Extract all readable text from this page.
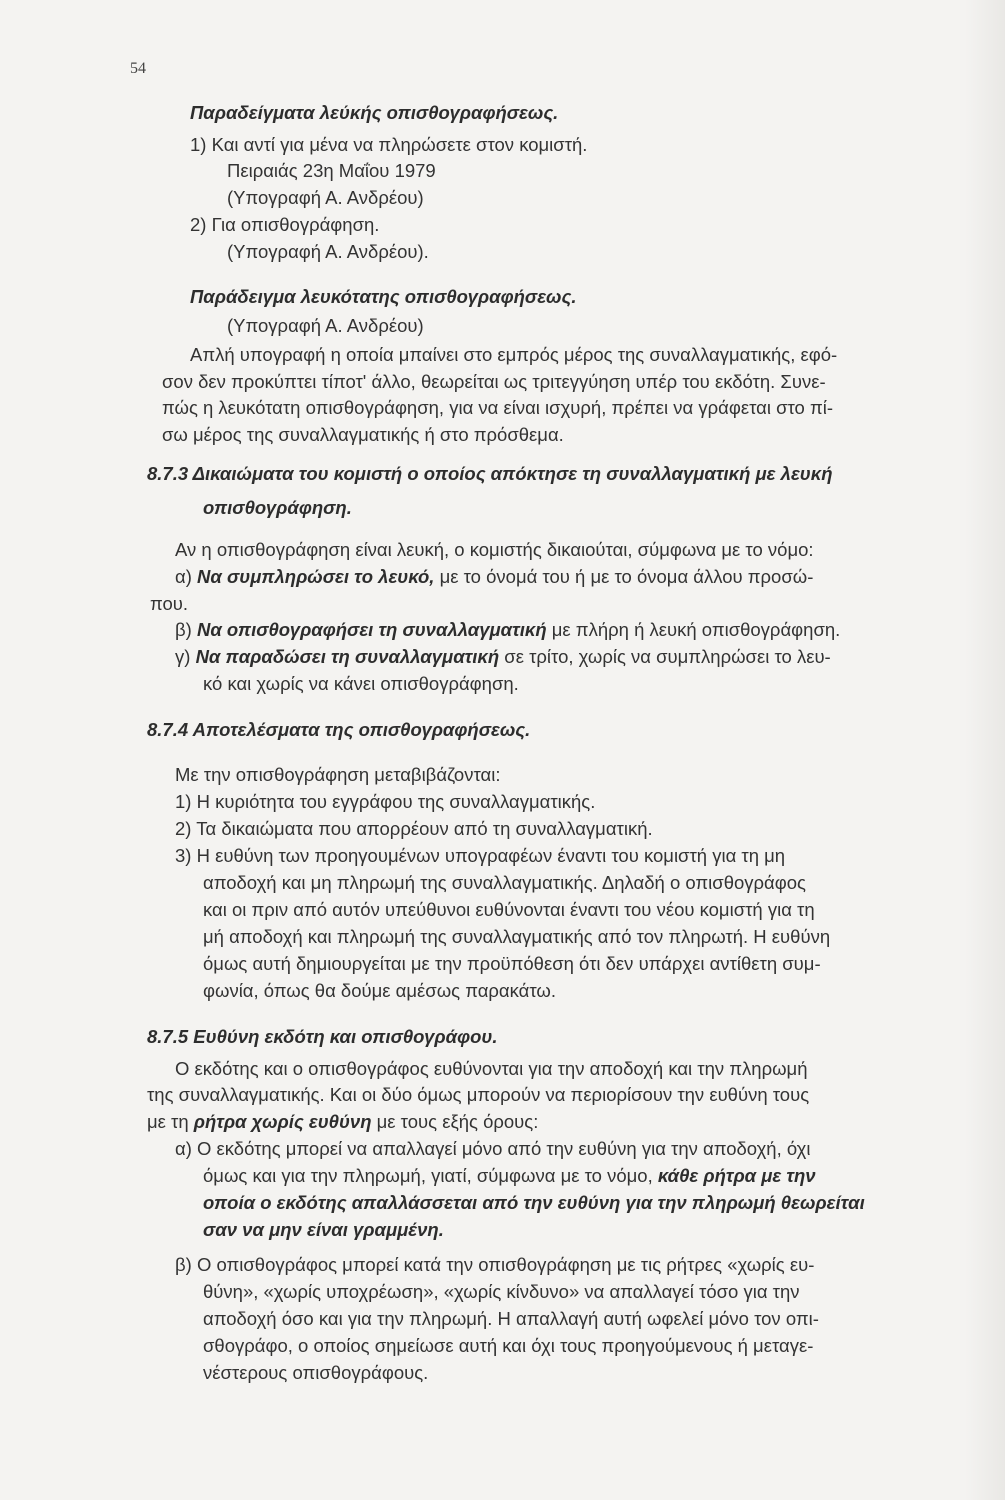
54
Παραδείγματα λεύκής οπισθογραφήσεως.
1) Και αντί για μένα να πληρώσετε στον κομιστή.
Πειραιάς 23η Μαΐου 1979
(Υπογραφή Α. Ανδρέου)
2) Για οπισθογράφηση.
(Υπογραφή Α. Ανδρέου).
Παράδειγμα λευκότατης οπισθογραφήσεως.
(Υπογραφή Α. Ανδρέου)
Απλή υπογραφή η οποία μπαίνει στο εμπρός μέρος της συναλλαγματικής, εφό-
σον δεν προκύπτει τίποτ' άλλο, θεωρείται ως τριτεγγύηση υπέρ του εκδότη. Συνε-
πώς η λευκότατη οπισθογράφηση, για να είναι ισχυρή, πρέπει να γράφεται στο πί-
σω μέρος της συναλλαγματικής ή στο πρόσθεμα.
8.7.3 Δικαιώματα του κομιστή ο οποίος απόκτησε τη συναλλαγματική με λευκή
οπισθογράφηση.
Αν η οπισθογράφηση είναι λευκή, ο κομιστής δικαιούται, σύμφωνα με το νόμο:
α) Να συμπληρώσει το λευκό, με το όνομά του ή με το όνομα άλλου προσώ-
που.
β) Να οπισθογραφήσει τη συναλλαγματική με πλήρη ή λευκή οπισθογράφηση.
γ) Να παραδώσει τη συναλλαγματική σε τρίτο, χωρίς να συμπληρώσει το λευ-
κό και χωρίς να κάνει οπισθογράφηση.
8.7.4 Αποτελέσματα της οπισθογραφήσεως.
Με την οπισθογράφηση μεταβιβάζονται:
1) Η κυριότητα του εγγράφου της συναλλαγματικής.
2) Τα δικαιώματα που απορρέουν από τη συναλλαγματική.
3) Η ευθύνη των προηγουμένων υπογραφέων έναντι του κομιστή για τη μη
αποδοχή και μη πληρωμή της συναλλαγματικής. Δηλαδή ο οπισθογράφος
και οι πριν από αυτόν υπεύθυνοι ευθύνονται έναντι του νέου κομιστή για τη
μή αποδοχή και πληρωμή της συναλλαγματικής από τον πληρωτή. Η ευθύνη
όμως αυτή δημιουργείται με την προϋπόθεση ότι δεν υπάρχει αντίθετη συμ-
φωνία, όπως θα δούμε αμέσως παρακάτω.
8.7.5 Ευθύνη εκδότη και οπισθογράφου.
Ο εκδότης και ο οπισθογράφος ευθύνονται για την αποδοχή και την πληρωμή
της συναλλαγματικής. Και οι δύο όμως μπορούν να περιορίσουν την ευθύνη τους
με τη ρήτρα χωρίς ευθύνη με τους εξής όρους:
α) Ο εκδότης μπορεί να απαλλαγεί μόνο από την ευθύνη για την αποδοχή, όχι
όμως και για την πληρωμή, γιατί, σύμφωνα με το νόμο, κάθε ρήτρα με την
οποία ο εκδότης απαλλάσσεται από την ευθύνη για την πληρωμή θεωρείται
σαν να μην είναι γραμμένη.
β) Ο οπισθογράφος μπορεί κατά την οπισθογράφηση με τις ρήτρες «χωρίς ευ-
θύνη», «χωρίς υποχρέωση», «χωρίς κίνδυνο» να απαλλαγεί τόσο για την
αποδοχή όσο και για την πληρωμή. Η απαλλαγή αυτή ωφελεί μόνο τον οπι-
σθογράφο, ο οποίος σημείωσε αυτή και όχι τους προηγούμενους ή μεταγε-
νέστερους οπισθογράφους.
